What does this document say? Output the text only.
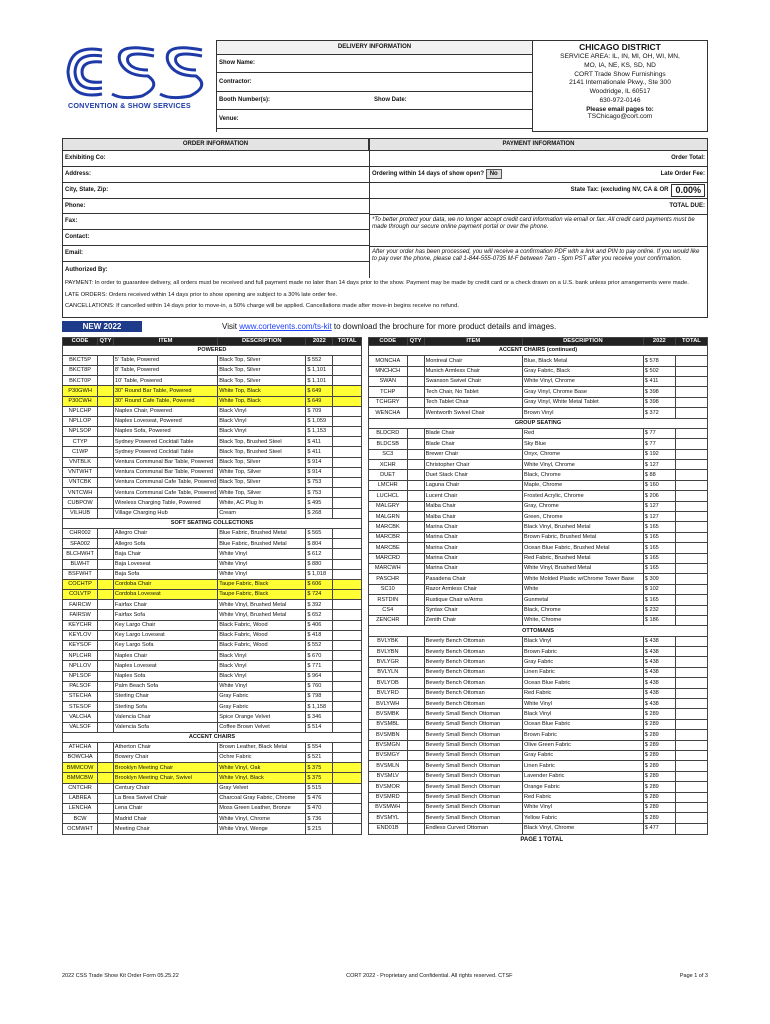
CONVENTION & SHOW SERVICES
DELIVERY INFORMATION
Show Name:
Contractor:
Booth Number(s):	Show Date:
Venue:
CHICAGO DISTRICT
SERVICE AREA: IL, IN, MI, OH, WI, MN,
MO, IA, NE, KS, SD, ND
CORT Trade Show Furnishings
2141 Internationale Pkwy., Ste 300
Woodridge, IL 60517
630-972-0146
Please email pages to:
TSChicago@cort.com
ORDER INFORMATION	PAYMENT INFORMATION
Exhibiting Co:
Address:
City, State, Zip:
Phone:
Fax:
Contact:
Email:
Authorized By:
Order Total:
Ordering within 14 days of show open? No	Late Order Fee:
State Tax: (excluding NV, CA & OR 0.00%
TOTAL DUE:
*To better protect your data, we no longer accept credit card information via email or fax. All credit card payments must be made through our secure online payment portal or over the phone.
After your order has been processed, you will receive a confirmation PDF with a link and PIN to pay online. If you would like to pay over the phone, please call 1-844-555-0735 M-F between 7am - 5pm PST after you receive your confirmation.

PAYMENT: In order to guarantee delivery, all orders must be received and full payment made no later than 14 days prior to the show. Payment may be made by credit card or a check drawn on a U.S. bank unless prior arrangements were made.

LATE ORDERS: Orders received within 14 days prior to show opening are subject to a 30% late order fee.

CANCELLATIONS: If cancelled within 14 days prior to move-in, a 50% charge will be applied. Cancellations made after move-in begins receive no refund.

NEW 2022	Visit www.cortevents.com/ts-kit to download the brochure for more product details and images.
CODE	QTY	ITEM	DESCRIPTION	2022	TOTAL
POWERED					
BKCT5P		5' Table, Powered	Black Top, Silver	$ 552	
BKCT8P		8' Table, Powered	Black Top, Silver	$ 1,101	
BKCT0P		10' Table, Powered	Black Top, Silver	$ 1,101	
P30GWH		30" Round Bar Table, Powered	White Top, Black	$ 649	
P30CWH		30" Round Cafe Table, Powered	White Top, Black	$ 649	
NPLCHP		Naples Chair, Powered	Black Vinyl	$ 709	
NPLLOP		Naples Loveseat, Powered	Black Vinyl	$ 1,059	
NPLSOP		Naples Sofa, Powered	Black Vinyl	$ 1,153	
CTYP		Sydney Powered Cocktail Table	Black Top, Brushed Steel	$ 411	
C1WP		Sydney Powered Cocktail Table	Black Top, Brushed Steel	$ 411	
VNTBLK		Ventura Communal Bar Table, Powered	Black Top, Silver	$ 914	
VNTWHT		Ventura Communal Bar Table, Powered	White Top, Silver	$ 914	
VNTCBK		Ventura Communal Cafe Table, Powered	Black Top, Silver	$ 753	
VNTCWH		Ventura Communal Cafe Table, Powered	White Top, Silver	$ 753	
CUBPOW		Wireless Charging Table, Powered	White, AC Plug In	$ 495	
VILHUB		Village Charging Hub	Cream	$ 268	
SOFT SEATING COLLECTIONS					
CHR002		Allegro Chair	Blue Fabric, Brushed Metal	$ 565	
SFA002		Allegro Sofa	Blue Fabric, Brushed Metal	$ 804	
BLCHWHT		Baja Chair	White Vinyl	$ 612	
BLWHT		Baja Loveseat	White Vinyl	$ 880	
BSFWHT		Baja Sofa	White Vinyl	$ 1,018	
COCHTP		Cordoba Chair	Taupe Fabric, Black	$ 606	
COLVTP		Cordoba Loveseat	Taupe Fabric, Black	$ 724	
FAIRCW		Fairfax Chair	White Vinyl, Brushed Metal	$ 392	
FAIRSW		Fairfax Sofa	White Vinyl, Brushed Metal	$ 652	
KEYCHR		Key Largo Chair	Black Fabric, Wood	$ 406	
KEYLOV		Key Largo Loveseat	Black Fabric, Wood	$ 418	
KEYSOF		Key Largo Sofa	Black Fabric, Wood	$ 552	
NPLCHR		Naples Chair	Black Vinyl	$ 670	
NPLLOV		Naples Loveseat	Black Vinyl	$ 771	
NPLSOF		Naples Sofa	Black Vinyl	$ 964	
PALSOF		Palm Beach Sofa	White Vinyl	$ 760	
STECHA		Sterling Chair	Gray Fabric	$ 798	
STESOF		Sterling Sofa	Gray Fabric	$ 1,158	
VALCHA		Valencia Chair	Spice Orange Velvet	$ 346	
VALSOF		Valencia Sofa	Coffee Brown Velvet	$ 514	
ACCENT CHAIRS					
ATHCHA		Atherton Chair	Brown Leather, Black Metal	$ 554	
BOWCHA		Bowery Chair	Ochre Fabric	$ 521	
BMMCOW		Brooklyn Meeting Chair	White Vinyl, Oak	$ 375	
BMMCBW		Brooklyn Meeting Chair, Swivel	White Vinyl, Black	$ 375	
CNTCHR		Century Chair	Gray Velvet	$ 515	
LABREA		La Brea Swivel Chair	Charcoal Gray Fabric, Chrome	$ 476	
LENCHA		Lena Chair	Moss Green Leather, Bronze	$ 470	
BCW		Madrid Chair	White Vinyl, Chrome	$ 736	
OCMWHT		Meeting Chair	White Vinyl, Wenge	$ 215	
CODE	QTY	ITEM	DESCRIPTION	2022	TOTAL
ACCENT CHAIRS (continued)					
MONCHA		Montreal Chair	Blue, Black Metal	$ 578	
MNCHCH		Munich Armless Chair	Gray Fabric, Black	$ 502	
SWAN		Swanson Swivel Chair	White Vinyl, Chrome	$ 411	
TCHP		Tech Chair, No Tablet	Gray Vinyl, Chrome Base	$ 398	
TCHGRY		Tech Tablet Chair	Gray Vinyl, White Metal Tablet	$ 398	
WENCHA		Wentworth Swivel Chair	Brown Vinyl	$ 372	
GROUP SEATING					
BLDCRD		Blade Chair	Red	$ 77	
BLDCSB		Blade Chair	Sky Blue	$ 77	
SC3		Brewer Chair	Onyx, Chrome	$ 192	
XCHR		Christopher Chair	White Vinyl, Chrome	$ 127	
DUET		Duet Stack Chair	Black, Chrome	$ 88	
LMCHR		Laguna Chair	Maple, Chrome	$ 160	
LUCHCL		Lucent Chair	Frosted Acrylic, Chrome	$ 206	
MALGRY		Malba Chair	Gray, Chrome	$ 127	
MALGRN		Malba Chair	Green, Chrome	$ 127	
MARCBK		Marina Chair	Black Vinyl, Brushed Metal	$ 165	
MARCBR		Marina Chair	Brown Fabric, Brushed Metal	$ 165	
MARCBE		Marina Chair	Ocean Blue Fabric, Brushed Metal	$ 165	
MARCRD		Marina Chair	Red Fabric, Brushed Metal	$ 165	
MARCWH		Marina Chair	White Vinyl, Brushed Metal	$ 165	
PASCHR		Pasadena Chair	White Molded Plastic w/Chrome Tower Base	$ 309	
SC10		Razor Armless Chair	White	$ 102	
RSTDIN		Rustique Chair w/Arms	Gunmetal	$ 165	
CS4		Syntax Chair	Black, Chrome	$ 232	
ZENCHR		Zenith Chair	White, Chrome	$ 186	
OTTOMANS					
BVLYBK		Beverly Bench Ottoman	Black Vinyl	$ 438	
BVLYBN		Beverly Bench Ottoman	Brown Fabric	$ 438	
BVLYGR		Beverly Bench Ottoman	Gray Fabric	$ 438	
BVLYLN		Beverly Bench Ottoman	Linen Fabric	$ 438	
BVLYOB		Beverly Bench Ottoman	Ocean Blue Fabric	$ 438	
BVLYRD		Beverly Bench Ottoman	Red Fabric	$ 438	
BVLYWH		Beverly Bench Ottoman	White Vinyl	$ 438	
BVSMBK		Beverly Small Bench Ottoman	Black Vinyl	$ 289	
BVSMBL		Beverly Small Bench Ottoman	Ocean Blue Fabric	$ 289	
BVSMBN		Beverly Small Bench Ottoman	Brown Fabric	$ 289	
BVSMGN		Beverly Small Bench Ottoman	Olive Green Fabric	$ 289	
BVSMGY		Beverly Small Bench Ottoman	Gray Fabric	$ 289	
BVSMLN		Beverly Small Bench Ottoman	Linen Fabric	$ 289	
BVSMLV		Beverly Small Bench Ottoman	Lavender Fabric	$ 289	
BVSMOR		Beverly Small Bench Ottoman	Orange Fabric	$ 289	
BVSMRD		Beverly Small Bench Ottoman	Red Fabric	$ 289	
BVSMWH		Beverly Small Bench Ottoman	White Vinyl	$ 289	
BVSMYL		Beverly Small Bench Ottoman	Yellow Fabric	$ 289	
END01B		Endless Curved Ottoman	Black Vinyl, Chrome	$ 477	
PAGE 1 TOTAL
2022 CSS Trade Show Kit Order Form 05.25.22	CORT 2022 - Proprietary and Confidential. All rights reserved. CTSF	Page 1 of 3
